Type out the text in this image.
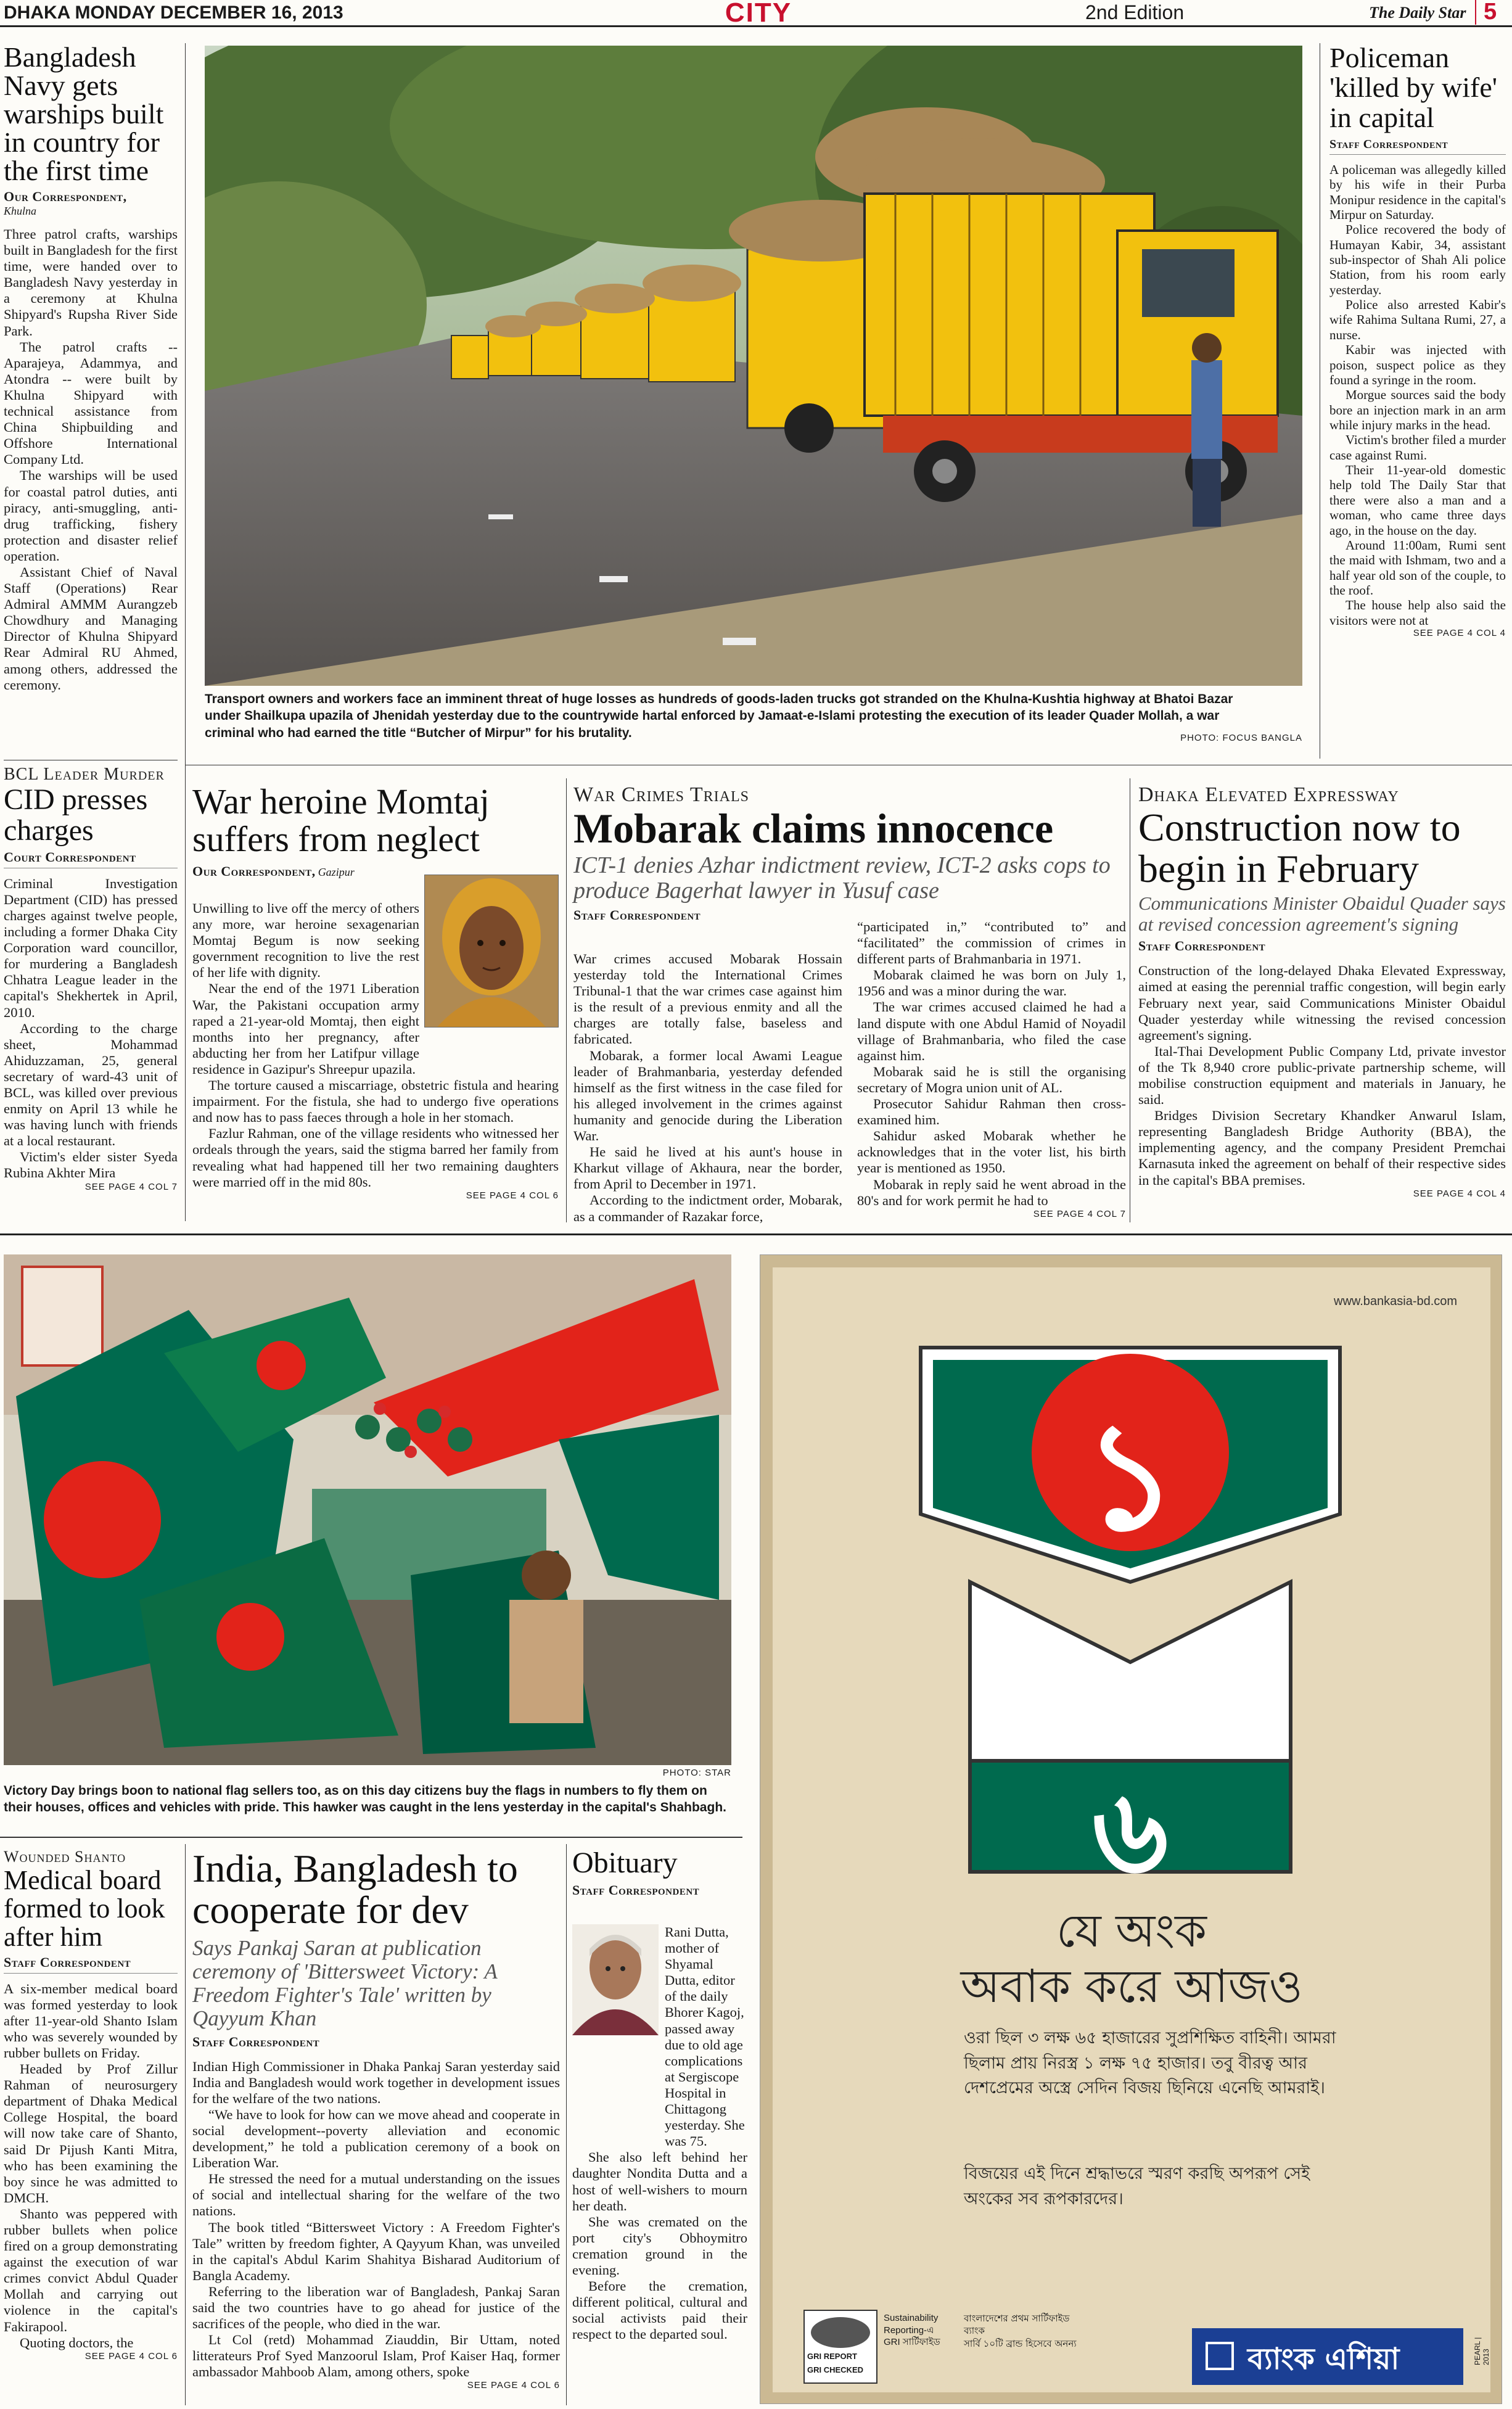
DHAKA MONDAY DECEMBER 16, 2013	CITY	2nd Edition	The Daily Star 5
Bangladesh Navy gets warships built in country for the first time
Our Correspondent,
Khulna

Three patrol crafts, warships built in Bangladesh for the first time, were handed over to Bangladesh Navy yesterday in a ceremony at Khulna Shipyard's Rupsha River Side Park.

The patrol crafts -- Aparajeya, Adammya, and Atondra -- were built by Khulna Shipyard with technical assistance from China Shipbuilding and Offshore International Company Ltd.

The warships will be used for coastal patrol duties, anti piracy, anti-smuggling, anti-drug trafficking, fishery protection and disaster relief operation.

Assistant Chief of Naval Staff (Operations) Rear Admiral AMMM Aurangzeb Chowdhury and Managing Director of Khulna Shipyard Rear Admiral RU Ahmed, among others, addressed the ceremony.

BCL Leader Murder
CID presses charges
Court Correspondent

Criminal Investigation Department (CID) has pressed charges against twelve people, including a former Dhaka City Corporation ward councillor, for murdering a Bangladesh Chhatra League leader in the capital's Shekhertek in April, 2010.

According to the charge sheet, Mohammad Ahiduzzaman, 25, general secretary of ward-43 unit of BCL, was killed over previous enmity on April 13 while he was having lunch with friends at a local restaurant.

Victim's elder sister Syeda Rubina Akhter Mira

SEE PAGE 4 COL 7
Transport owners and workers face an imminent threat of huge losses as hundreds of goods-laden trucks got stranded on the Khulna-Kushtia highway at Bhatoi Bazar under Shailkupa upazila of Jhenidah yesterday due to the countrywide hartal enforced by Jamaat-e-Islami protesting the execution of its leader Quader Mollah, a war criminal who had earned the title “Butcher of Mirpur” for his brutality.	PHOTO: FOCUS BANGLA
Policeman 'killed by wife' in capital
Staff Correspondent

A policeman was allegedly killed by his wife in their Purba Monipur residence in the capital's Mirpur on Saturday.

Police recovered the body of Humayan Kabir, 34, assistant sub-inspector of Shah Ali police Station, from his room early yesterday.

Police also arrested Kabir's wife Rahima Sultana Rumi, 27, a nurse.

Kabir was injected with poison, suspect police as they found a syringe in the room.

Morgue sources said the body bore an injection mark in an arm while injury marks in the head.

Victim's brother filed a murder case against Rumi.

Their 11-year-old domestic help told The Daily Star that there were also a man and a woman, who came three days ago, in the house on the day.

Around 11:00am, Rumi sent the maid with Ishmam, two and a half year old son of the couple, to the roof.

The house help also said the visitors were not at

SEE PAGE 4 COL 4
War heroine Momtaj suffers from neglect
Our Correspondent, Gazipur

Unwilling to live off the mercy of others any more, war heroine sexagenarian Momtaj Begum is now seeking government recognition to live the rest of her life with dignity.

Near the end of the 1971 Liberation War, the Pakistani occupation army raped a 21-year-old Momtaj, then eight months into her pregnancy, after abducting her from her Latifpur village residence in Gazipur's Shreepur upazila.

The torture caused a miscarriage, obstetric fistula and hearing impairment. For the fistula, she had to undergo five operations and now has to pass faeces through a hole in her stomach.

Fazlur Rahman, one of the village residents who witnessed her ordeals through the years, said the stigma barred her family from revealing what had happened till her two remaining daughters were married off in the mid 80s.

SEE PAGE 4 COL 6
War Crimes Trials
Mobarak claims innocence
ICT-1 denies Azhar indictment review, ICT-2 asks cops to produce Bagerhat lawyer in Yusuf case
Staff Correspondent

War crimes accused Mobarak Hossain yesterday told the International Crimes Tribunal-1 that the war crimes case against him is the result of a previous enmity and all the charges are totally false, baseless and fabricated.

Mobarak, a former local Awami League leader of Brahmanbaria, yesterday defended himself as the first witness in the case filed for his alleged involvement in the crimes against humanity and genocide during the Liberation War.

He said he lived at his aunt's house in Kharkut village of Akhaura, near the border, from April to December in 1971.

According to the indictment order, Mobarak, as a commander of Razakar force,

“participated in,” “contributed to” and “facilitated” the commission of crimes in different parts of Brahmanbaria in 1971.

Mobarak claimed he was born on July 1, 1956 and was a minor during the war.

The war crimes accused claimed he had a land dispute with one Abdul Hamid of Noyadil village of Brahmanbaria, who filed the case against him.

Mobarak said he is still the organising secretary of Mogra union unit of AL.

Prosecutor Sahidur Rahman then cross-examined him.

Sahidur asked Mobarak whether he acknowledges that in the voter list, his birth year is mentioned as 1950.

Mobarak in reply said he went abroad in the 80's and for work permit he had to

SEE PAGE 4 COL 7
Dhaka Elevated Expressway
Construction now to begin in February
Communications Minister Obaidul Quader says at revised concession agreement's signing
Staff Correspondent

Construction of the long-delayed Dhaka Elevated Expressway, aimed at easing the perennial traffic congestion, will begin early February next year, said Communications Minister Obaidul Quader yesterday while witnessing the revised concession agreement's signing.

Ital-Thai Development Public Company Ltd, private investor of the Tk 8,940 crore public-private partnership scheme, will mobilise construction equipment and materials in January, he said.

Bridges Division Secretary Khandker Anwarul Islam, representing Bangladesh Bridge Authority (BBA), the implementing agency, and the company President Premchai Karnasuta inked the agreement on behalf of their respective sides in the capital's BBA premises.

SEE PAGE 4 COL 4
PHOTO: STAR
Victory Day brings boon to national flag sellers too, as on this day citizens buy the flags in numbers to fly them on their houses, offices and vehicles with pride. This hawker was caught in the lens yesterday in the capital's Shahbagh.
www.bankasia-bd.com
১
৬
যে অংক
অবাক করে আজও
ওরা ছিল ৩ লক্ষ ৬৫ হাজারের সুপ্রশিক্ষিত বাহিনী। আমরা ছিলাম প্রায় নিরস্ত্র ১ লক্ষ ৭৫ হাজার। তবু বীরত্ব আর দেশপ্রেমের অস্ত্রে সেদিন বিজয় ছিনিয়ে এনেছি আমরাই।
বিজয়ের এই দিনে শ্রদ্ধাভরে স্মরণ করছি অপরূপ সেই অংকের সব রূপকারদের।
GRI REPORT
GRI CHECKED
Sustainability
Reporting-এ
GRI সার্টিফাইড
বাংলাদেশের প্রথম সার্টিফাইড ব্যাংক
সার্বি ১০টি ব্রান্ড হিসেবে অনন্য	ব্যাংক এশিয়া	PEARL | 2013
Wounded Shanto
Medical board formed to look after him
Staff Correspondent

A six-member medical board was formed yesterday to look after 11-year-old Shanto Islam who was severely wounded by rubber bullets on Friday.

Headed by Prof Zillur Rahman of neurosurgery department of Dhaka Medical College Hospital, the board will now take care of Shanto, said Dr Pijush Kanti Mitra, who has been examining the boy since he was admitted to DMCH.

Shanto was peppered with rubber bullets when police fired on a group demonstrating against the execution of war crimes convict Abdul Quader Mollah and carrying out violence in the capital's Fakirapool.

Quoting doctors, the

SEE PAGE 4 COL 6
India, Bangladesh to cooperate for dev
Says Pankaj Saran at publication ceremony of 'Bittersweet Victory: A Freedom Fighter's Tale' written by Qayyum Khan
Staff Correspondent

Indian High Commissioner in Dhaka Pankaj Saran yesterday said India and Bangladesh would work together in development issues for the welfare of the two nations.

“We have to look for how can we move ahead and cooperate in social development--poverty alleviation and economic development,” he told a publication ceremony of a book on Liberation War.

He stressed the need for a mutual understanding on the issues of social and intellectual sharing for the welfare of the two nations.

The book titled “Bittersweet Victory : A Freedom Fighter's Tale” written by freedom fighter, A Qayyum Khan, was unveiled in the capital's Abdul Karim Shahitya Bisharad Auditorium of Bangla Academy.

Referring to the liberation war of Bangladesh, Pankaj Saran said the two countries have to go ahead for justice of the sacrifices of the people, who died in the war.

Lt Col (retd) Mohammad Ziauddin, Bir Uttam, noted litterateurs Prof Syed Manzoorul Islam, Prof Kaiser Haq, former ambassador Mahboob Alam, among others, spoke

SEE PAGE 4 COL 6
Obituary
Staff Correspondent

Rani Dutta, mother of Shyamal Dutta, editor of the daily Bhorer Kagoj, passed away due to old age complications at Sergiscope Hospital in Chittagong yesterday. She was 75.

She also left behind her daughter Nondita Dutta and a host of well-wishers to mourn her death.

She was cremated on the port city's Obhoymitro cremation ground in the evening.

Before the cremation, different political, cultural and social activists paid their respect to the departed soul.
